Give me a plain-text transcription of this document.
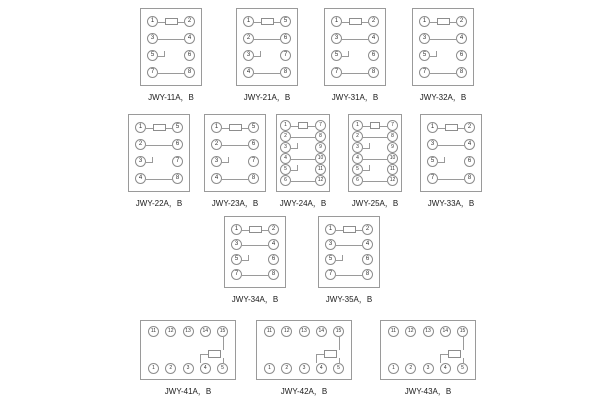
JWY-11A，B
1
3
5
7
2
4
6
8
JWY-21A，B
1
2
3
4
5
6
7
8
JWY-31A，B
1
3
5
7
2
4
6
8
JWY-32A，B
1
3
5
7
2
4
6
8
JWY-22A，B
1
2
3
4
5
6
7
8
JWY-23A，B
1
2
3
4
5
6
7
8
JWY-24A，B
1
2
3
4
5
6
7
8
9
10
11
12
JWY-25A，B
1
2
3
4
5
6
7
8
9
10
11
12
JWY-33A，B
1
3
5
7
2
4
6
8
JWY-34A，B
1
3
5
7
2
4
6
8
JWY-35A，B
1
3
5
7
2
4
6
8
JWY-41A，B
11	12	13	14	15
1	2	3	4	5
JWY-42A，B
11	12	13	14	15
1	2	3	4	5
JWY-43A，B
11	12	13	14	15
1	2	3	4	5
